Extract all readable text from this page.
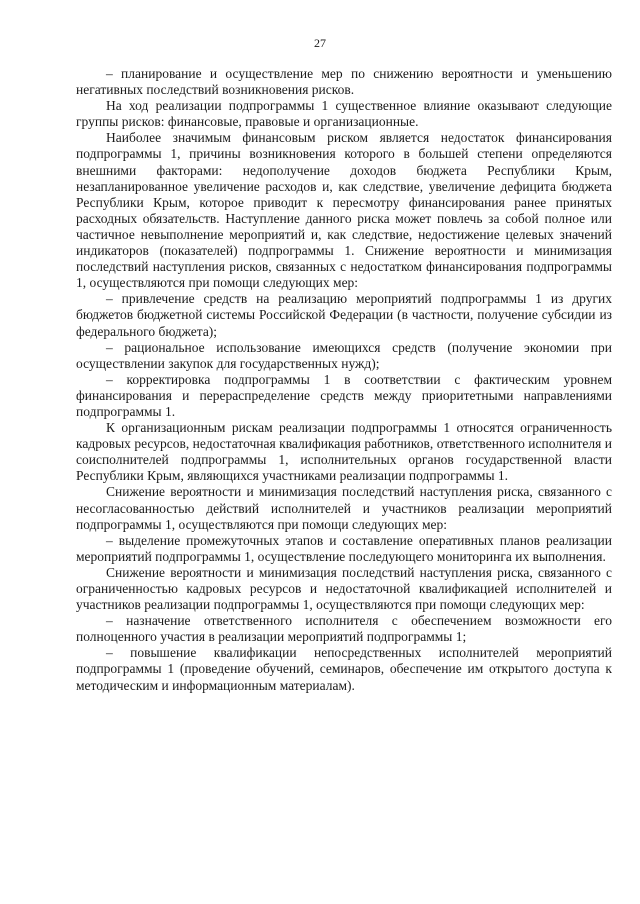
27

– планирование и осуществление мер по снижению вероятности и уменьшению негативных последствий возникновения рисков.

На ход реализации подпрограммы 1 существенное влияние оказывают следующие группы рисков: финансовые, правовые и организационные.

Наиболее значимым финансовым риском является недостаток финансирования подпрограммы 1, причины возникновения которого в большей степени определяются внешними факторами: недополучение доходов бюджета Республики Крым, незапланированное увеличение расходов и, как следствие, увеличение дефицита бюджета Республики Крым, которое приводит к пересмотру финансирования ранее принятых расходных обязательств. Наступление данного риска может повлечь за собой полное или частичное невыполнение мероприятий и, как следствие, недостижение целевых значений индикаторов (показателей) подпрограммы 1. Снижение вероятности и минимизация последствий наступления рисков, связанных с недостатком финансирования подпрограммы 1, осуществляются при помощи следующих мер:

– привлечение средств на реализацию мероприятий подпрограммы 1 из других бюджетов бюджетной системы Российской Федерации (в частности, получение субсидии из федерального бюджета);

– рациональное использование имеющихся средств (получение экономии при осуществлении закупок для государственных нужд);

– корректировка подпрограммы 1 в соответствии с фактическим уровнем финансирования и перераспределение средств между приоритетными направлениями подпрограммы 1.

К организационным рискам реализации подпрограммы 1 относятся ограниченность кадровых ресурсов, недостаточная квалификация работников, ответственного исполнителя и соисполнителей подпрограммы 1, исполнительных органов государственной власти Республики Крым, являющихся участниками реализации подпрограммы 1.

Снижение вероятности и минимизация последствий наступления риска, связанного с несогласованностью действий исполнителей и участников реализации мероприятий подпрограммы 1, осуществляются при помощи следующих мер:

– выделение промежуточных этапов и составление оперативных планов реализации мероприятий подпрограммы 1, осуществление последующего мониторинга их выполнения.

Снижение вероятности и минимизация последствий наступления риска, связанного с ограниченностью кадровых ресурсов и недостаточной квалификацией исполнителей и участников реализации подпрограммы 1, осуществляются при помощи следующих мер:

– назначение ответственного исполнителя с обеспечением возможности его полноценного участия в реализации мероприятий подпрограммы 1;

– повышение квалификации непосредственных исполнителей мероприятий подпрограммы 1 (проведение обучений, семинаров, обеспечение им открытого доступа к методическим и информационным материалам).
